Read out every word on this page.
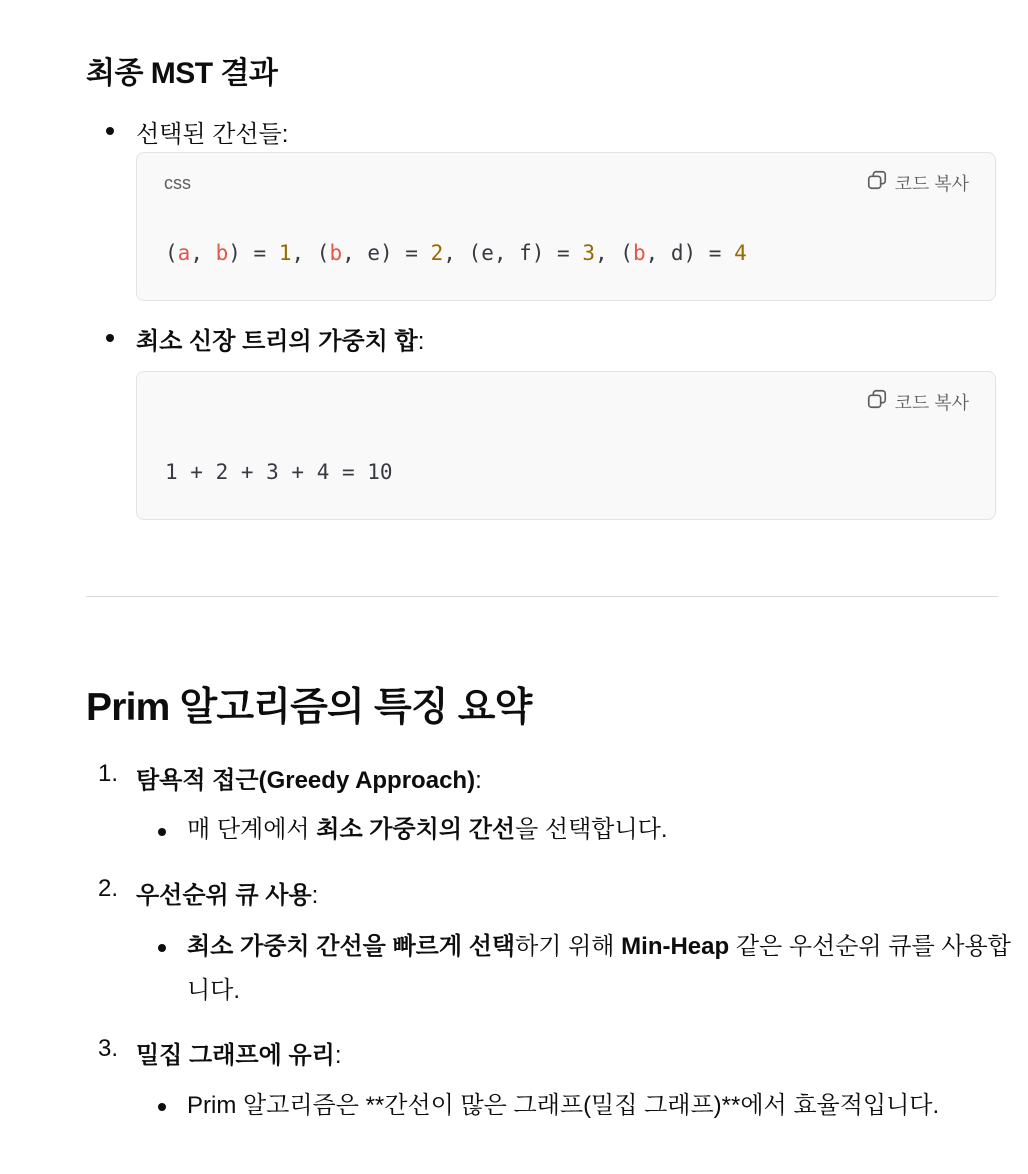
최종 MST 결과
선택된 간선들:
css	코드 복사
(a, b) = 1, (b, e) = 2, (e, f) = 3, (b, d) = 4
최소 신장 트리의 가중치 합:
코드 복사
1 + 2 + 3 + 4 = 10
Prim 알고리즘의 특징 요약
1. 탐욕적 접근(Greedy Approach):
매 단계에서 최소 가중치의 간선을 선택합니다.
2. 우선순위 큐 사용:
최소 가중치 간선을 빠르게 선택하기 위해 Min-Heap 같은 우선순위 큐를 사용합
니다.
3. 밀집 그래프에 유리:
Prim 알고리즘은 **간선이 많은 그래프(밀집 그래프)**에서 효율적입니다.
